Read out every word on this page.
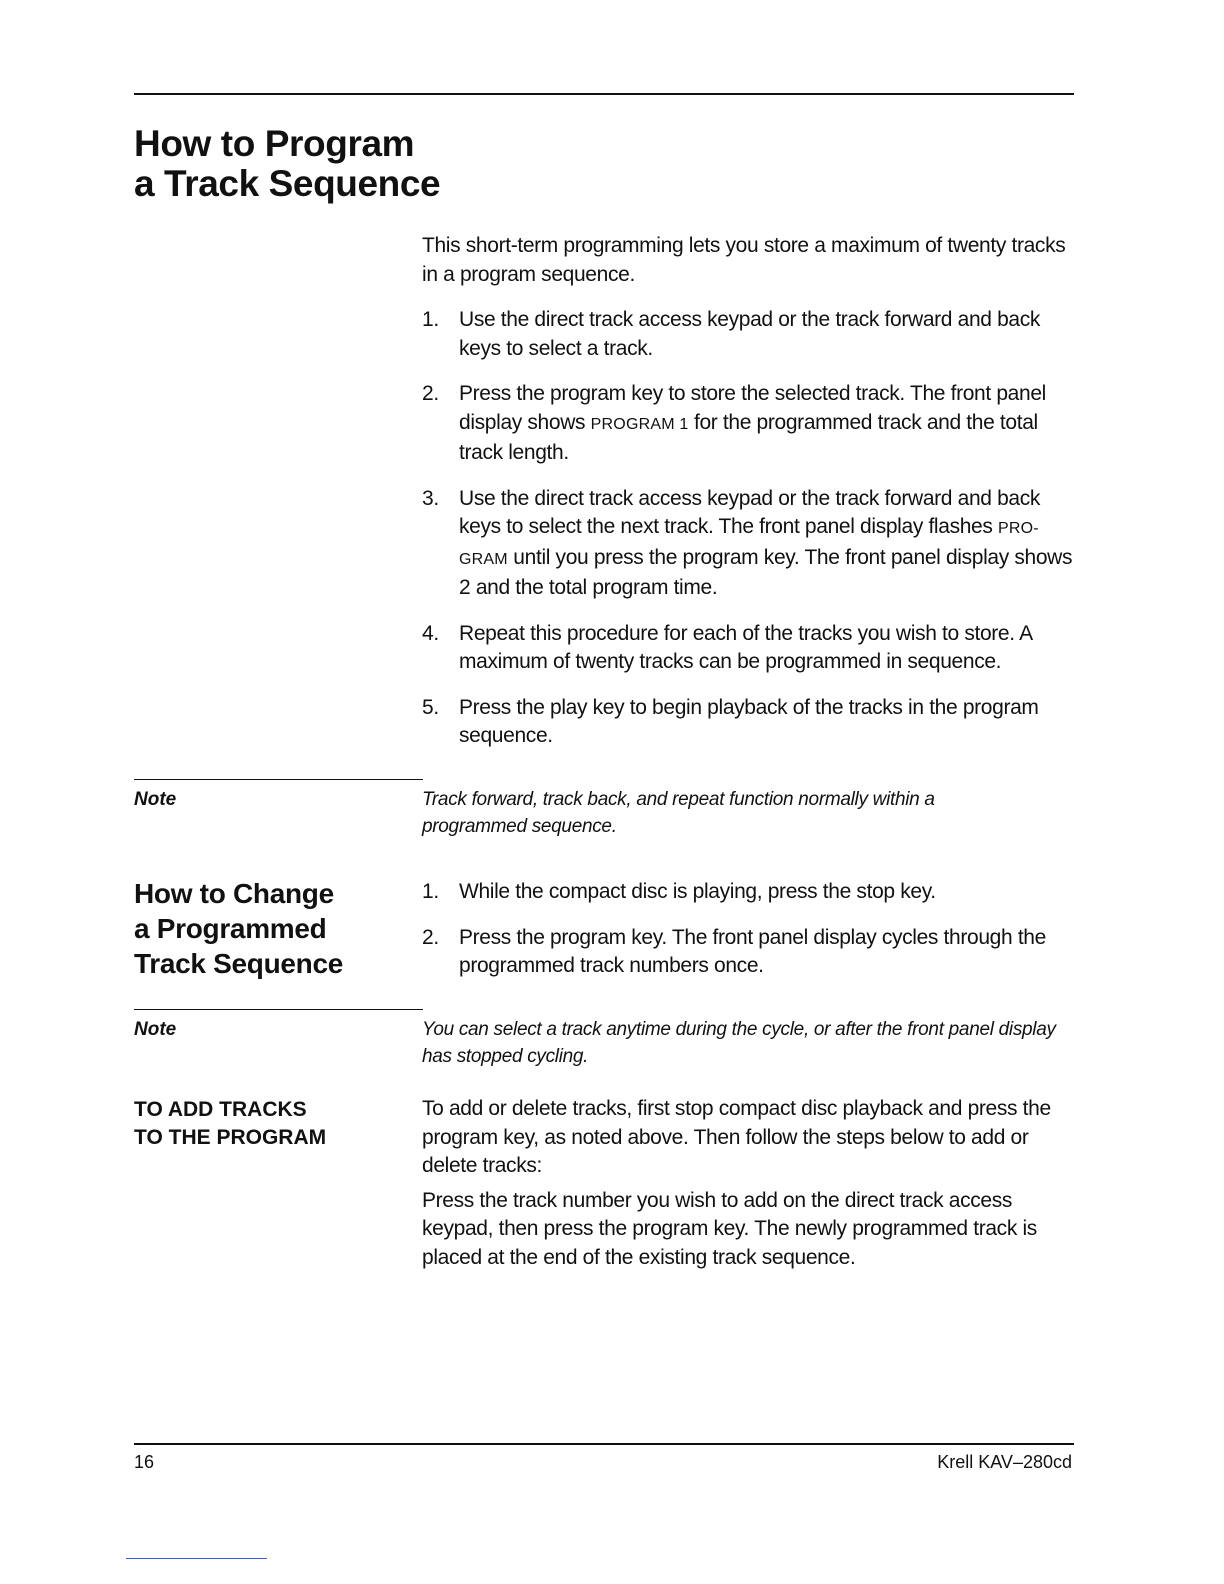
How to Program
a Track Sequence

This short-term programming lets you store a maximum of twenty tracks in a program sequence.

1. Use the direct track access keypad or the track forward and back keys to select a track.
2. Press the program key to store the selected track. The front panel display shows PROGRAM 1 for the programmed track and the total track length.
3. Use the direct track access keypad or the track forward and back keys to select the next track. The front panel display flashes PRO-GRAM until you press the program key. The front panel display shows 2 and the total program time.
4. Repeat this procedure for each of the tracks you wish to store. A maximum of twenty tracks can be programmed in sequence.
5. Press the play key to begin playback of the tracks in the program sequence.
Note	Track forward, track back, and repeat function normally within a programmed sequence.
How to Change
a Programmed
Track Sequence
1. While the compact disc is playing, press the stop key.
2. Press the program key. The front panel display cycles through the programmed track numbers once.
Note	You can select a track anytime during the cycle, or after the front panel display has stopped cycling.
TO ADD TRACKS
TO THE PROGRAM

To add or delete tracks, first stop compact disc playback and press the program key, as noted above. Then follow the steps below to add or delete tracks:

Press the track number you wish to add on the direct track access keypad, then press the program key. The newly programmed track is placed at the end of the existing track sequence.

16	Krell KAV–280cd
